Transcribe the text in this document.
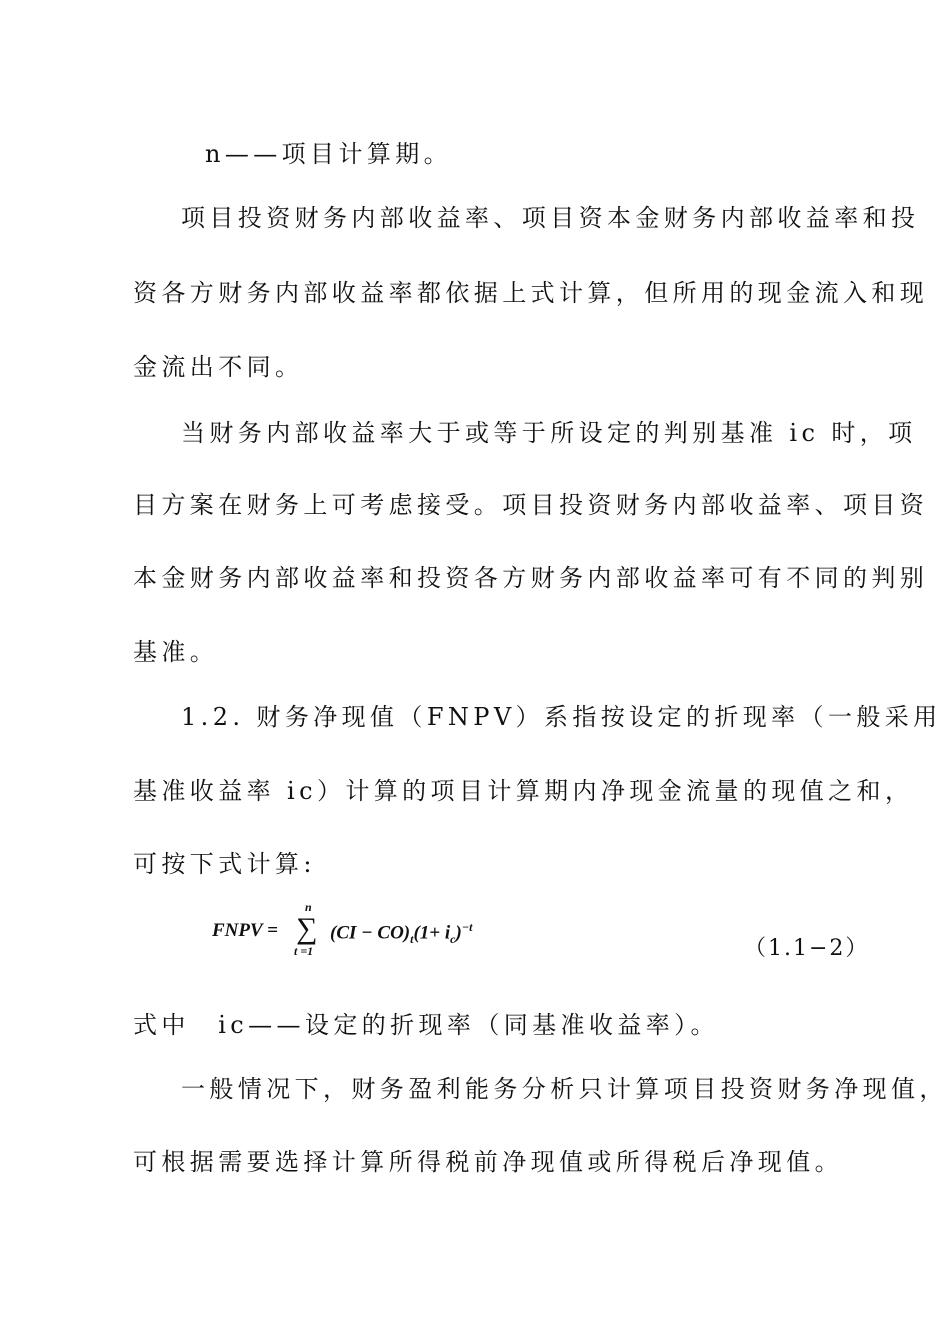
n——项目计算期。
项目投资财务内部收益率、项目资本金财务内部收益率和投
资各方财务内部收益率都依据上式计算，但所用的现金流入和现
金流出不同。
当财务内部收益率大于或等于所设定的判别基准 ic 时，项
目方案在财务上可考虑接受。项目投资财务内部收益率、项目资
本金财务内部收益率和投资各方财务内部收益率可有不同的判别
基准。
1.2. 财务净现值（FNPV）系指按设定的折现率（一般采用
基准收益率 ic）计算的项目计算期内净现金流量的现值之和，
可按下式计算:
FNPV =
n
∑
t =1
$(CI - CO)_t(1+ i_c)^{-t}$
（1.1−2）
式中　ic——设定的折现率（同基准收益率）。
一般情况下，财务盈利能务分析只计算项目投资财务净现值，
可根据需要选择计算所得税前净现值或所得税后净现值。
